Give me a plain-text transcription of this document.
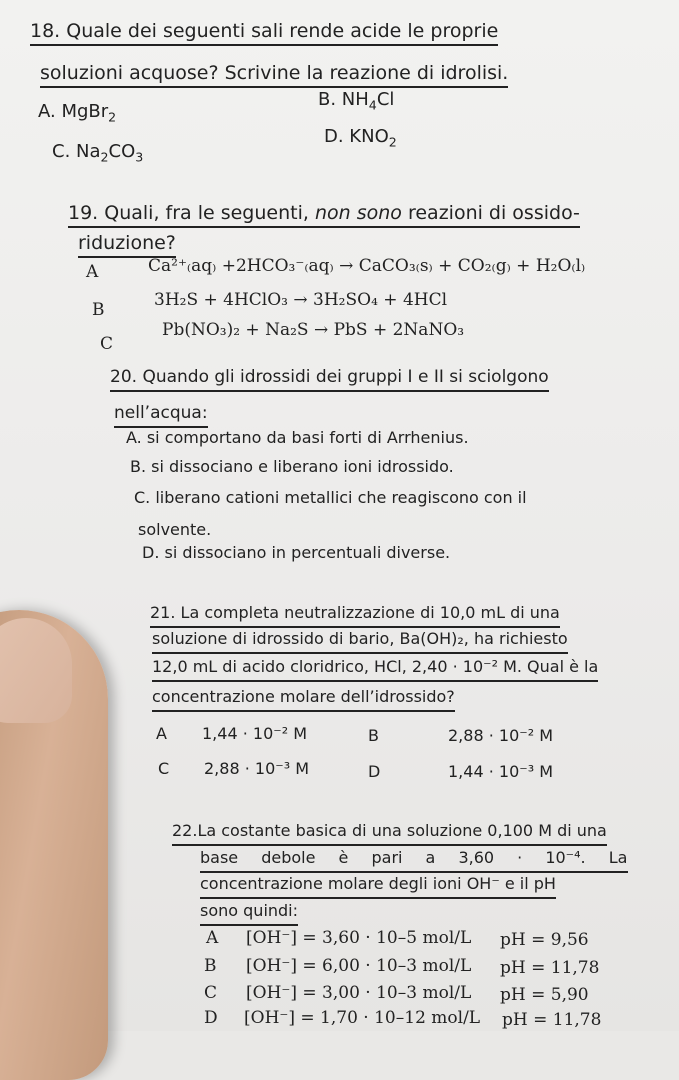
18. Quale dei seguenti sali rende acide le proprie
soluzioni acquose? Scrivine la reazione di idrolisi.
A. MgBr$_2$
B. $NH_4Cl$
C. $Na_2CO_3$
D. $KNO_2$
19. Quali, fra le seguenti, non sono reazioni di ossido-
riduzione?
A	Ca²⁺₍aq₎ +2HCO₃⁻₍aq₎ → CaCO₃₍s₎ + CO₂₍g₎ + H₂O₍l₎
B	3H₂S + 4HClO₃ → 3H₂SO₄ + 4HCl
C
Pb(NO₃)₂ + Na₂S → PbS + 2NaNO₃
20. Quando gli idrossidi dei gruppi I e II si sciolgono
nell’acqua:
A. si comportano da basi forti di Arrhenius.
B. si dissociano e liberano ioni idrossido.
C. liberano cationi metallici che reagiscono con il
solvente.
D. si dissociano in percentuali diverse.
21. La completa neutralizzazione di 10,0 mL di una
soluzione di idrossido di bario, Ba(OH)₂, ha richiesto
12,0 mL di acido cloridrico, HCl, 2,40 · 10⁻² M. Qual è la
concentrazione molare dell’idrossido?
A 1,44 · 10⁻² M	B	2,88 · 10⁻² M
C 2,88 · 10⁻³ M	D	1,44 · 10⁻³ M
22.La costante basica di una soluzione 0,100 M di una
base debole è pari a 3,60 · 10⁻⁴. La
concentrazione molare degli ioni OH⁻ e il pH
sono quindi:
A [OH⁻] = 3,60 · 10–5 mol/L pH = 9,56
B [OH⁻] = 6,00 · 10–3 mol/L pH = 11,78
C [OH⁻] = 3,00 · 10–3 mol/L pH = 5,90
D [OH⁻] = 1,70 · 10–12 mol/L pH = 11,78
